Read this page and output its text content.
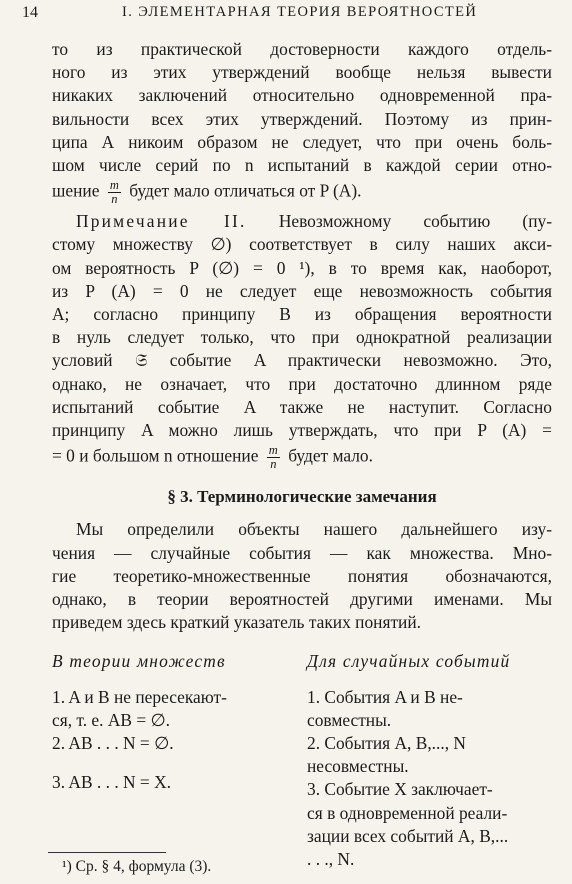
14	I. ЭЛЕМЕНТАРНАЯ ТЕОРИЯ ВЕРОЯТНОСТЕЙ
то из практической достоверности каждого отдель-
ного из этих утверждений вообще нельзя вывести
никаких заключений относительно одновременной пра-
вильности всех этих утверждений. Поэтому из прин-
ципа А никоим образом не следует, что при очень боль-
шом числе серий по n испытаний в каждой серии отно-
шение $\frac{m}{n}$ будет мало отличаться от P (A).
Примечание II. Невозможному событию (пу-
стому множеству ∅) соответствует в силу наших акси-
ом вероятность P (∅) = 0 ¹), в то время как, наоборот,
из P (A) = 0 не следует еще невозможность события
A; согласно принципу B из обращения вероятности
в нуль следует только, что при однократной реализации
условий 𝔖 событие A практически невозможно. Это,
однако, не означает, что при достаточно длинном ряде
испытаний событие A также не наступит. Согласно
принципу A можно лишь утверждать, что при P (A) =
= 0 и большом n отношение $\frac{m}{n}$ будет мало.
§ 3. Терминологические замечания
Мы определили объекты нашего дальнейшего изу-
чения — случайные события — как множества. Мно-
гие теоретико-множественные понятия обозначаются,
однако, в теории вероятностей другими именами. Мы
приведем здесь краткий указатель таких понятий.
В теории множеств
1. A и B не пересекают-
ся, т. е. AB = ∅.
2. AB . . . N = ∅.
3. AB . . . N = X.
Для случайных событий
1. События A и B не-
совместны.
2. События A, B,..., N
несовместны.
3. Событие X заключает-
ся в одновременной реали-
зации всех событий A, B,...
. . ., N.
¹) Ср. § 4, формула (3).
